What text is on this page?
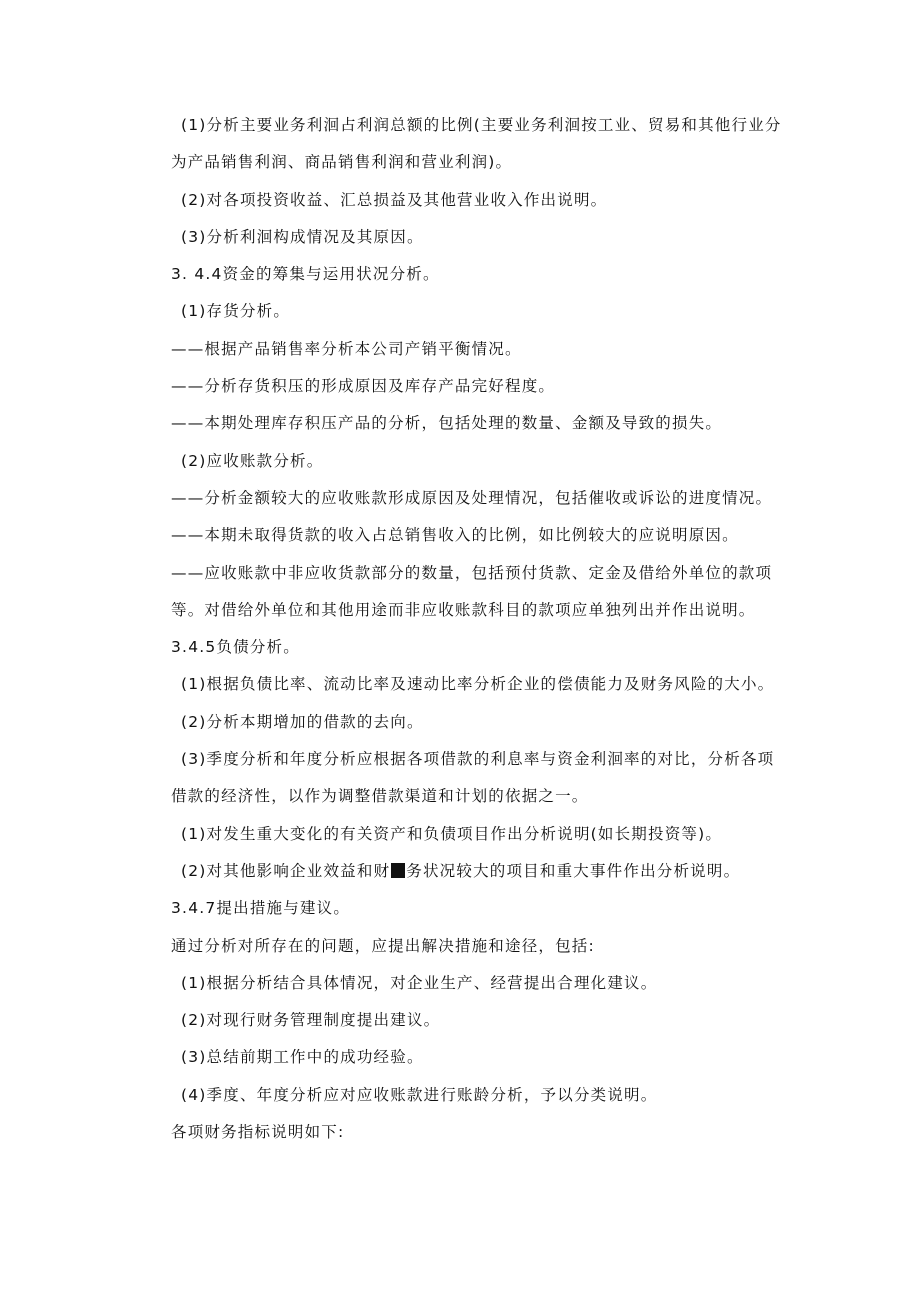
(1)分析主要业务利洄占利润总额的比例(主要业务利洄按工业、贸易和其他行业分
为产品销售利润、商品销售利润和营业利润)。
(2)对各项投资收益、汇总损益及其他营业收入作出说明。
(3)分析利洄构成情况及其原因。
3. 4.4资金的筹集与运用状况分析。
(1)存货分析。
——根据产品销售率分析本公司产销平衡情况。
——分析存货积压的形成原因及库存产品完好程度。
——本期处理库存积压产品的分析，包括处理的数量、金额及导致的损失。
(2)应收账款分析。
——分析金额较大的应收账款形成原因及处理情况，包括催收或诉讼的进度情况。
——本期未取得货款的收入占总销售收入的比例，如比例较大的应说明原因。
——应收账款中非应收货款部分的数量，包括预付货款、定金及借给外单位的款项
等。对借给外单位和其他用途而非应收账款科目的款项应单独列出并作出说明。
3.4.5负债分析。
(1)根据负债比率、流动比率及速动比率分析企业的偿债能力及财务风险的大小。
(2)分析本期增加的借款的去向。
(3)季度分析和年度分析应根据各项借款的利息率与资金利洄率的对比，分析各项
借款的经济性，以作为调整借款渠道和计划的依据之一。
(1)对发生重大变化的有关资产和负债项目作出分析说明(如长期投资等)。
(2)对其他影响企业效益和财 务状况较大的项目和重大事件作出分析说明。
3.4.7提出措施与建议。
通过分析对所存在的问题，应提出解决措施和途径，包括:
(1)根据分析结合具体情况，对企业生产、经营提出合理化建议。
(2)对现行财务管理制度提出建议。
(3)总结前期工作中的成功经验。
(4)季度、年度分析应对应收账款进行账龄分析，予以分类说明。
各项财务指标说明如下:
